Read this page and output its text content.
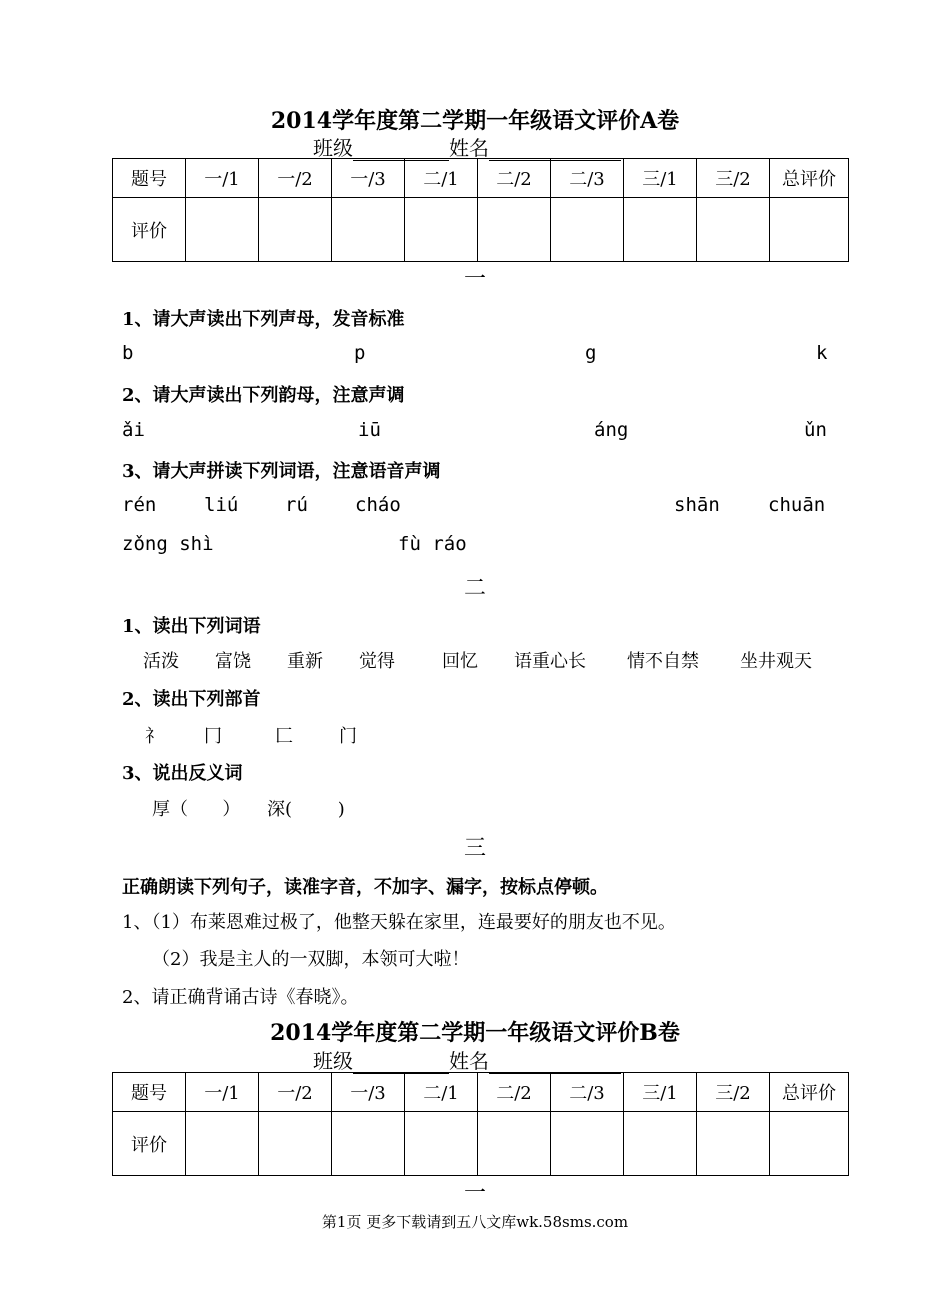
2014学年度第二学期一年级语文评价A卷
班级	姓名
题号	一/1	一/2	一/3	二/1	二/2	二/3	三/1	三/2	总评价
评价									
一
1、请大声读出下列声母，发音标准
b	p	g	k
2、请大声读出下列韵母，注意声调
ǎi	iū	áng	ǔn
3、请大声拼读下列词语，注意语音声调
rén	liú rú cháo	shān	chuān
zǒng shì	fù ráo
二
1、读出下列词语
活泼 富饶 重新 觉得	回忆 语重心长 情不自禁 坐井观天
2、读出下列部首
礻 冂	匚	门
3、说出反义词
厚（      ） 深(        )
三
正确朗读下列句子，读准字音，不加字、漏字，按标点停顿。
1、（1）布莱恩难过极了，他整天躲在家里，连最要好的朋友也不见。
（2）我是主人的一双脚，本领可大啦！
2、请正确背诵古诗《春晓》。
2014学年度第二学期一年级语文评价B卷
班级	姓名
题号	一/1	一/2	一/3	二/1	二/2	二/3	三/1	三/2	总评价
评价									
一
第1页 更多下载请到五八文库wk.58sms.com
